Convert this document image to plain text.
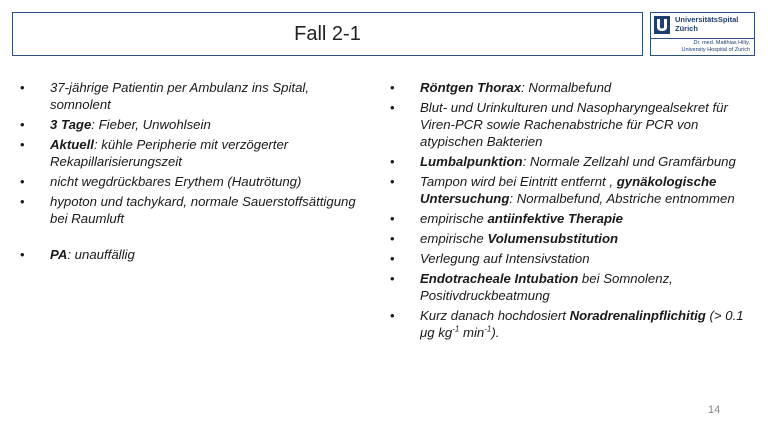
Fall 2-1
UniversitätsSpital
Zürich
Dr. med. Matthias Hilty,
University Hospital of Zurich
• 37-jährige Patientin per Ambulanz ins Spital, somnolent
• 3 Tage: Fieber, Unwohlsein
• Aktuell: kühle Peripherie mit verzögerter Rekapillarisierungszeit
• nicht wegdrückbares Erythem (Hautrötung)
• hypoton und tachykard, normale Sauerstoffsättigung bei Raumluft
• PA: unauffällig
• Röntgen Thorax: Normalbefund
• Blut- und Urinkulturen und Nasopharyngealsekret für Viren-PCR sowie Rachenabstriche für PCR von atypischen Bakterien
• Lumbalpunktion: Normale Zellzahl und Gramfärbung
• Tampon wird bei Eintritt entfernt , gynäkologische Untersuchung: Normalbefund, Abstriche entnommen
• empirische antiinfektive Therapie
• empirische Volumensubstitution
• Verlegung auf Intensivstation
• Endotracheale Intubation bei Somnolenz, Positivdruckbeatmung
• Kurz danach hochdosiert Noradrenalinpflichitig (> 0.1 μg $kg^{-1}$ $\min^{-1}$).
14
